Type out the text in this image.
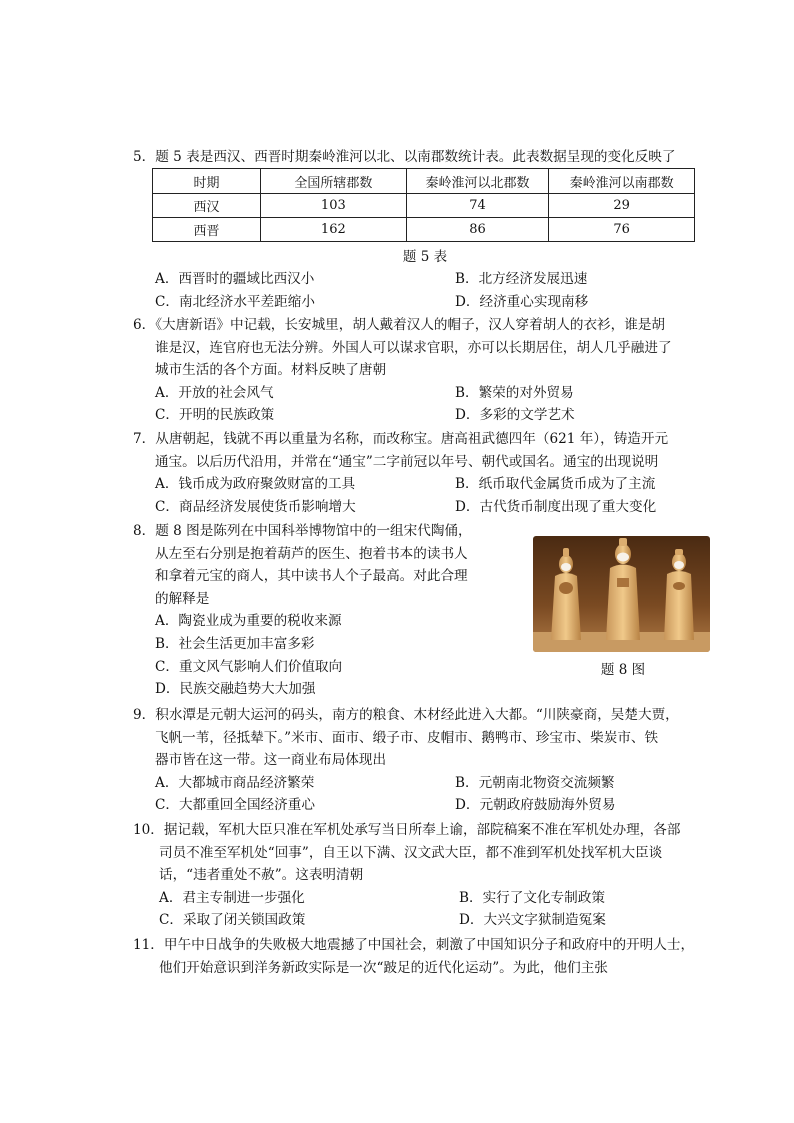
5．题 5 表是西汉、西晋时期秦岭淮河以北、以南郡数统计表。此表数据呈现的变化反映了

时期	全国所辖郡数	秦岭淮河以北郡数	秦岭淮河以南郡数
西汉	103	74	29
西晋	162	86	76
题 5 表
A．西晋时的疆域比西汉小	B．北方经济发展迅速
C．南北经济水平差距缩小	D．经济重心实现南移

6．《大唐新语》中记载，长安城里，胡人戴着汉人的帽子，汉人穿着胡人的衣衫，谁是胡

谁是汉，连官府也无法分辨。外国人可以谋求官职，亦可以长期居住，胡人几乎融进了

城市生活的各个方面。材料反映了唐朝

A．开放的社会风气	B．繁荣的对外贸易
C．开明的民族政策	D．多彩的文学艺术

7．从唐朝起，钱就不再以重量为名称，而改称宝。唐高祖武德四年（621 年），铸造开元

通宝。以后历代沿用，并常在“通宝”二字前冠以年号、朝代或国名。通宝的出现说明

A．钱币成为政府聚敛财富的工具	B．纸币取代金属货币成为了主流
C．商品经济发展使货币影响增大	D．古代货币制度出现了重大变化

8．题 8 图是陈列在中国科举博物馆中的一组宋代陶俑，

从左至右分别是抱着葫芦的医生、抱着书本的读书人

和拿着元宝的商人，其中读书人个子最高。对此合理

的解释是

A．陶瓷业成为重要的税收来源
B．社会生活更加丰富多彩
C．重文风气影响人们价值取向
D．民族交融趋势大大加强
题 8 图

9．积水潭是元朝大运河的码头，南方的粮食、木材经此进入大都。“川陕豪商，吴楚大贾，

飞帆一苇，径抵辇下。”米市、面市、缎子市、皮帽市、鹅鸭市、珍宝市、柴炭市、铁

器市皆在这一带。这一商业布局体现出

A．大都城市商品经济繁荣	B．元朝南北物资交流频繁
C．大都重回全国经济重心	D．元朝政府鼓励海外贸易

10．据记载，军机大臣只准在军机处承写当日所奉上谕，部院稿案不准在军机处办理，各部

司员不准至军机处“回事”，自王以下满、汉文武大臣，都不准到军机处找军机大臣谈

话，“违者重处不赦”。这表明清朝

A．君主专制进一步强化	B．实行了文化专制政策
C．采取了闭关锁国政策	D．大兴文字狱制造冤案

11．甲午中日战争的失败极大地震撼了中国社会，刺激了中国知识分子和政府中的开明人士，

他们开始意识到洋务新政实际是一次“跛足的近代化运动”。为此，他们主张
